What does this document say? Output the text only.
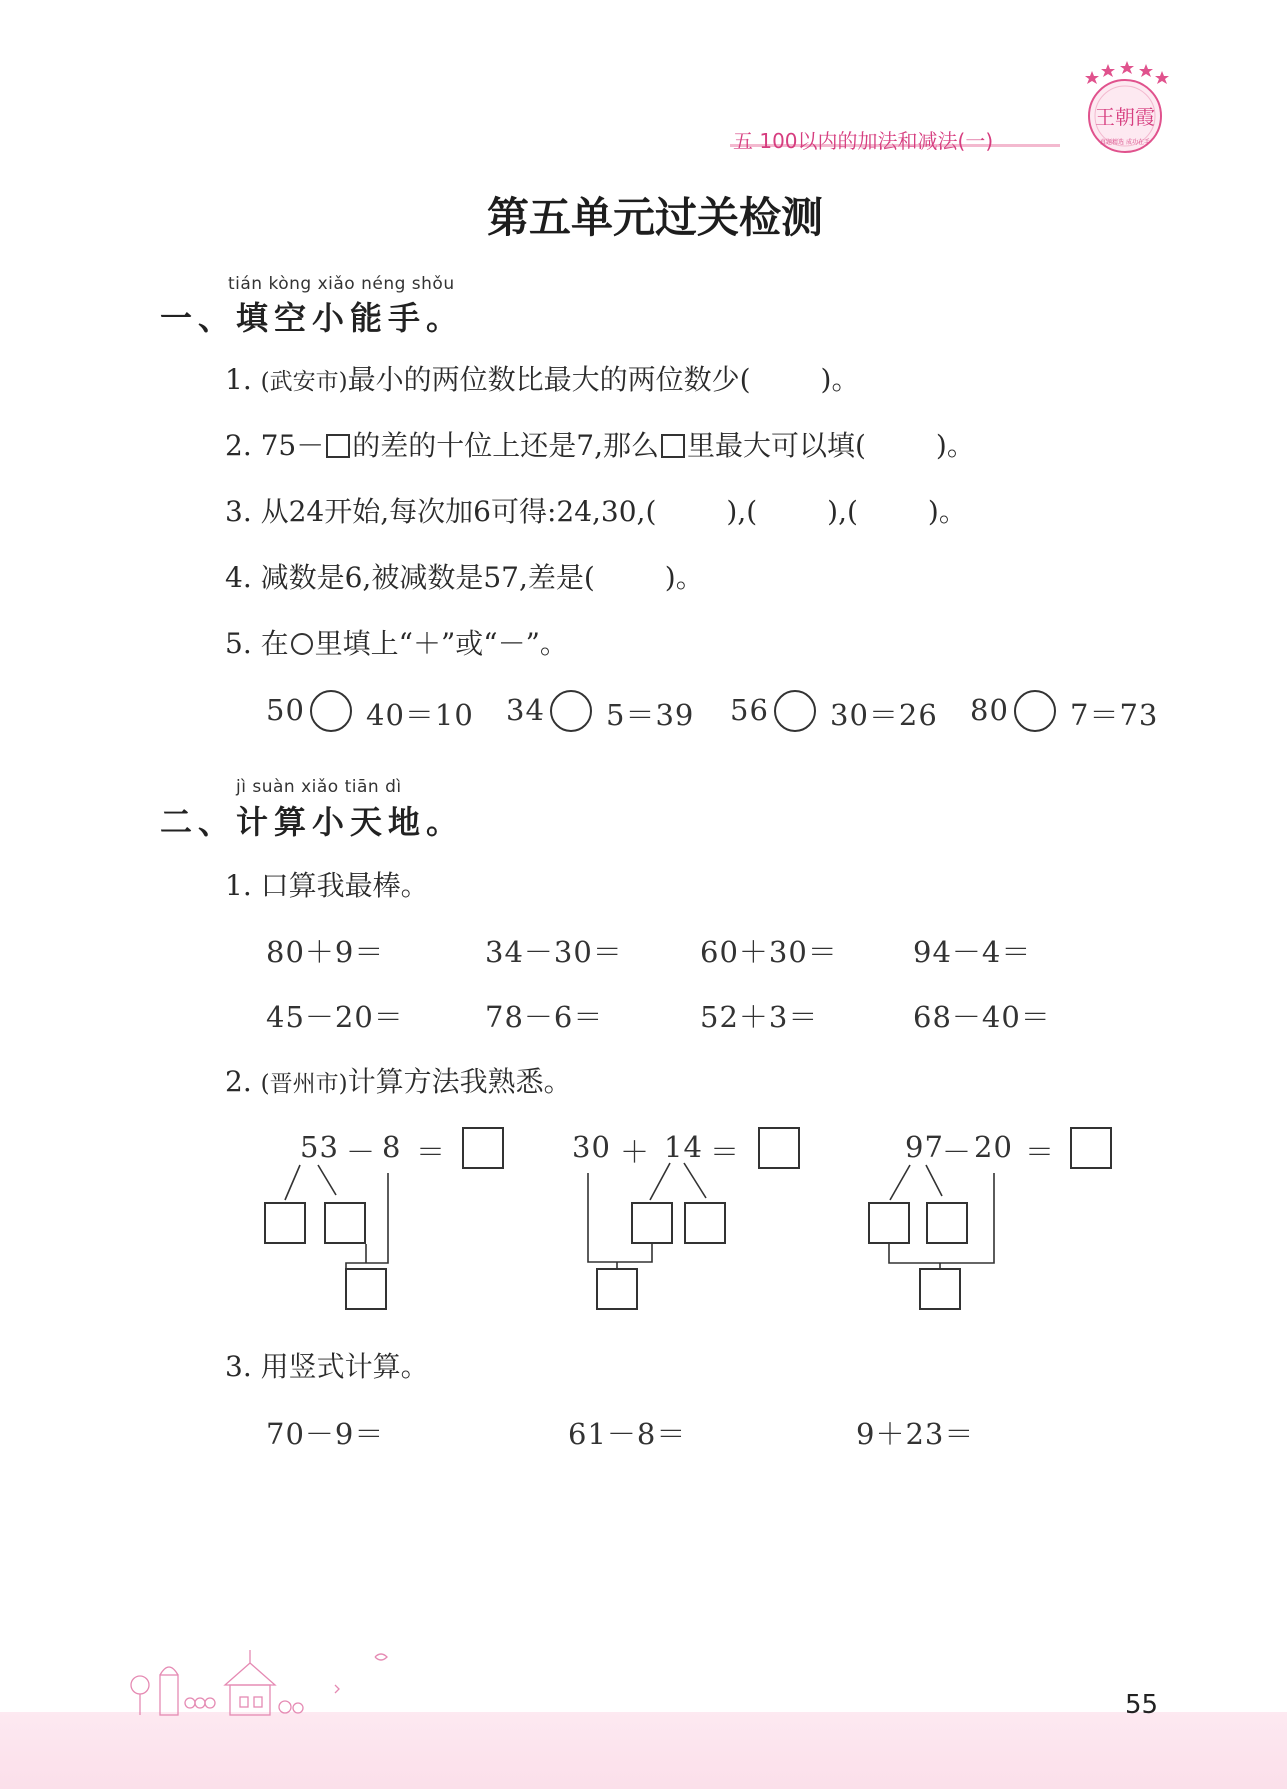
五 100以内的加法和减法(一)
王朝霞
真题精选 成功在手
第五单元过关检测
tián kòng xiǎo néng shǒu
一、填空小能手。
1. (武安市)最小的两位数比最大的两位数少(	)。
2. 75－ 的差的十位上还是7,那么 里最大可以填(	)。
3. 从24开始,每次加6可得:24,30,(	),(	),(	)。
4. 减数是6,被减数是57,差是(	)。
5. 在 里填上“＋”或“－”。
50 40＝10 34 5＝39 56 30＝26 80 7＝73
jì suàn xiǎo tiān dì
二、计算小天地。
1. 口算我最棒。
80＋9＝	34－30＝	60＋30＝	94－4＝
45－20＝	78－6＝	52＋3＝	68－40＝
2. (晋州市)计算方法我熟悉。
53 － 8 ＝	30 ＋ 14 ＝	97
－ 20 ＝
3. 用竖式计算。
70－9＝	61－8＝	9＋23＝
55
